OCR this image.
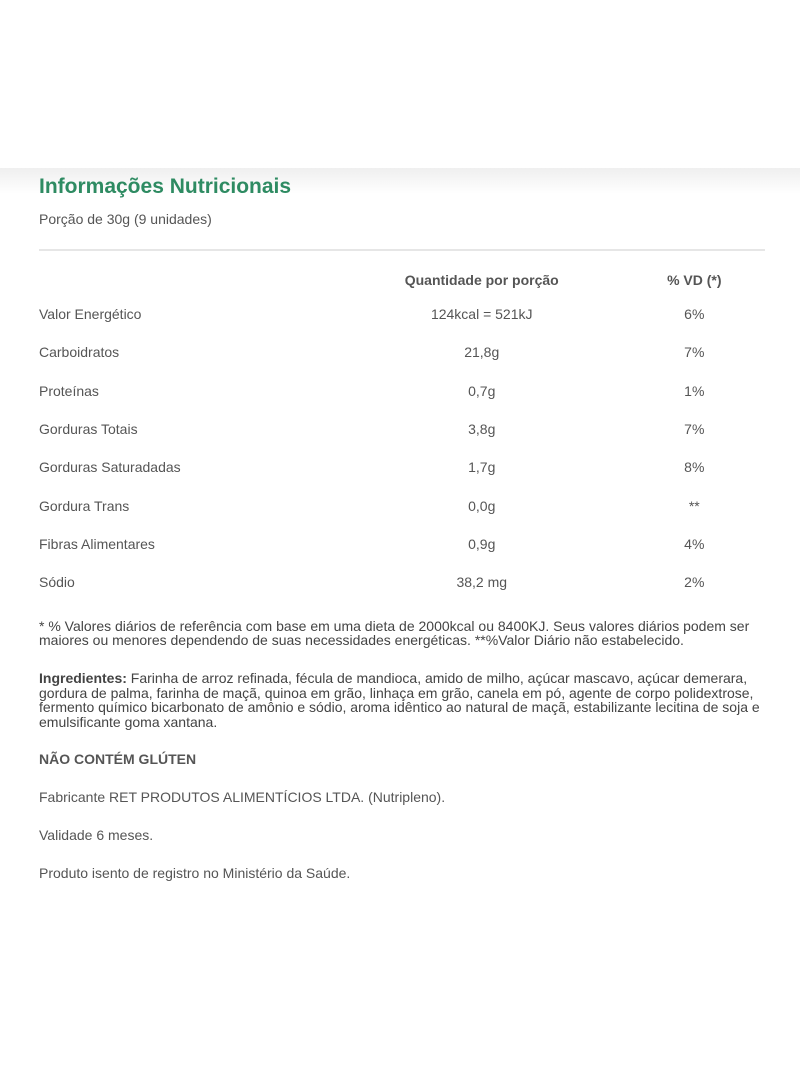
Informações Nutricionais
Porção de 30g (9 unidades)
	Quantidade por porção	% VD (*)
Valor Energético	124kcal = 521kJ	6%
Carboidratos	21,8g	7%
Proteínas	0,7g	1%
Gorduras Totais	3,8g	7%
Gorduras Saturadadas	1,7g	8%
Gordura Trans	0,0g	**
Fibras Alimentares	0,9g	4%
Sódio	38,2 mg	2%
* % Valores diários de referência com base em uma dieta de 2000kcal ou 8400KJ. Seus valores diários podem ser maiores ou menores dependendo de suas necessidades energéticas. **%Valor Diário não estabelecido.
Ingredientes: Farinha de arroz refinada, fécula de mandioca, amido de milho, açúcar mascavo, açúcar demerara, gordura de palma, farinha de maçã, quinoa em grão, linhaça em grão, canela em pó, agente de corpo polidextrose, fermento químico bicarbonato de amônio e sódio, aroma idêntico ao natural de maçã, estabilizante lecitina de soja e emulsificante goma xantana.
NÃO CONTÉM GLÚTEN
Fabricante RET PRODUTOS ALIMENTÍCIOS LTDA. (Nutripleno).
Validade 6 meses.
Produto isento de registro no Ministério da Saúde.
